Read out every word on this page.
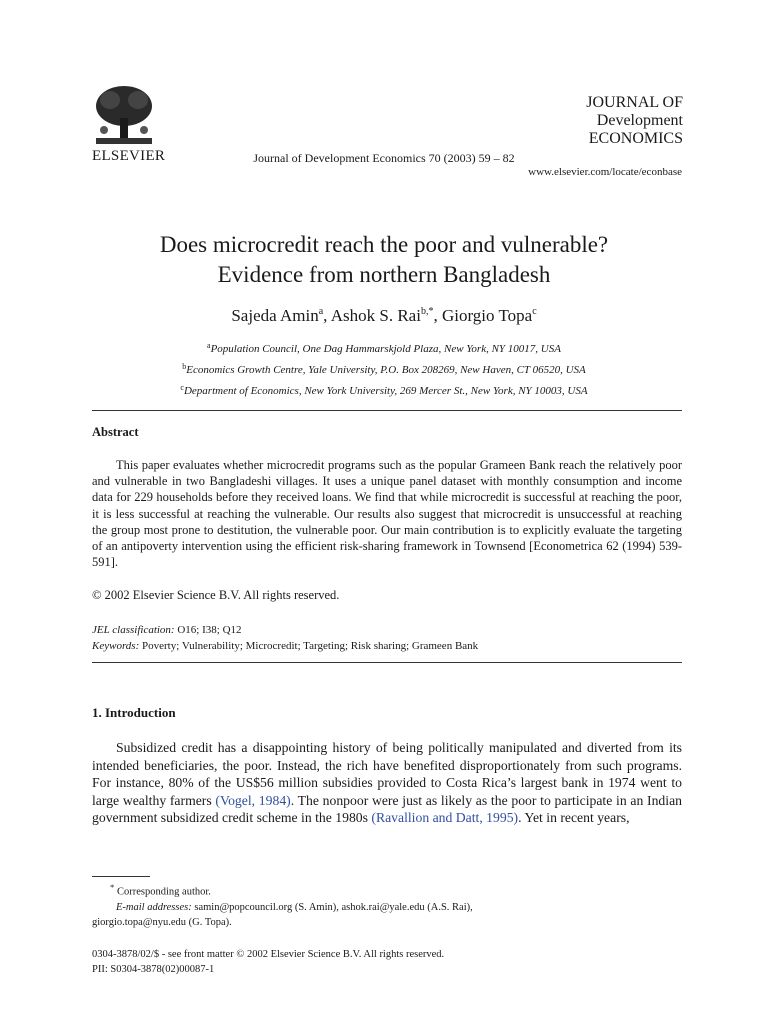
ELSEVIER	Journal of Development Economics 70 (2003) 59 – 82
JOURNAL OF
Development
ECONOMICS
www.elsevier.com/locate/econbase
Does microcredit reach the poor and vulnerable?
Evidence from northern Bangladesh
Sajeda Amin$^a$, Ashok S. Rai$^{b,*}$, Giorgio Topa$^c$
$^a$Population Council, One Dag Hammarskjold Plaza, New York, NY 10017, USA
$^b$Economics Growth Centre, Yale University, P.O. Box 208269, New Haven, CT 06520, USA
$^c$Department of Economics, New York University, 269 Mercer St., New York, NY 10003, USA
Abstract

This paper evaluates whether microcredit programs such as the popular Grameen Bank reach the relatively poor and vulnerable in two Bangladeshi villages. It uses a unique panel dataset with monthly consumption and income data for 229 households before they received loans. We find that while microcredit is successful at reaching the poor, it is less successful at reaching the vulnerable. Our results also suggest that microcredit is unsuccessful at reaching the group most prone to destitution, the vulnerable poor. Our main contribution is to explicitly evaluate the targeting of an antipoverty intervention using the efficient risk-sharing framework in Townsend [Econometrica 62 (1994) 539-591].

© 2002 Elsevier Science B.V. All rights reserved.
JEL classification: O16; I38; Q12
Keywords: Poverty; Vulnerability; Microcredit; Targeting; Risk sharing; Grameen Bank
1. Introduction

Subsidized credit has a disappointing history of being politically manipulated and diverted from its intended beneficiaries, the poor. Instead, the rich have benefited disproportionately from such programs. For instance, 80% of the US$56 million subsidies provided to Costa Rica’s largest bank in 1974 went to large wealthy farmers (Vogel, 1984). The nonpoor were just as likely as the poor to participate in an Indian government subsidized credit scheme in the 1980s (Ravallion and Datt, 1995). Yet in recent years,

* Corresponding author.
E-mail addresses: samin@popcouncil.org (S. Amin), ashok.rai@yale.edu (A.S. Rai),
giorgio.topa@nyu.edu (G. Topa).
0304-3878/02/$ - see front matter © 2002 Elsevier Science B.V. All rights reserved.
PII: S0304-3878(02)00087-1
